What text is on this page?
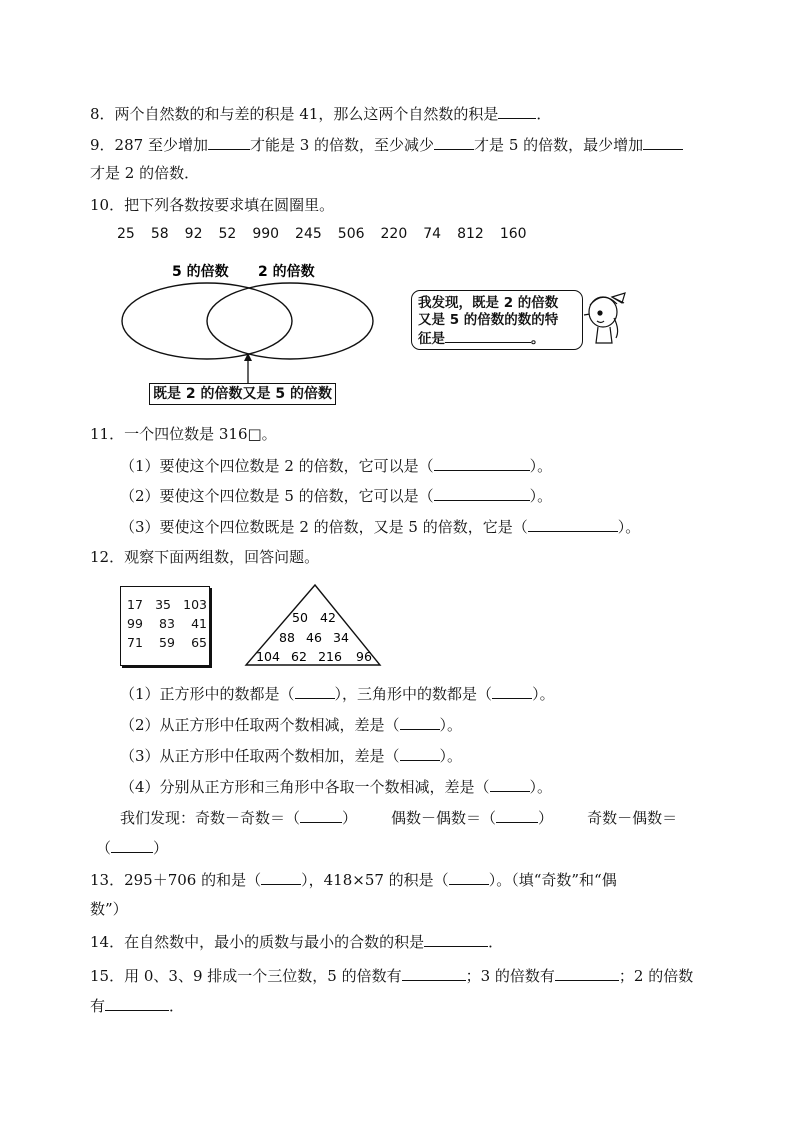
8．两个自然数的和与差的积是 41，那么这两个自然数的积是	．
9．287 至少增加	才能是 3 的倍数，至少减少	才是 5 的倍数，最少增加
才是 2 的倍数．
10．把下列各数按要求填在圆圈里。
25 58 92 52 990 245 506 220 74 812 160
5 的倍数 2 的倍数
既是 2 的倍数又是 5 的倍数
我发现，既是 2 的倍数
又是 5 的倍数的数的特
征是	。
11．一个四位数是 316□。
（1）要使这个四位数是 2 的倍数，它可以是（	）。
（2）要使这个四位数是 5 的倍数，它可以是（	）。
（3）要使这个四位数既是 2 的倍数，又是 5 的倍数，它是（	）。
12．观察下面两组数，回答问题。
17 35 103
99 83 41
71 59 65
50 42
88 46 34
104 62 216 96
（1）正方形中的数都是（	），三角形中的数都是（	）。
（2）从正方形中任取两个数相减，差是（	）。
（3）从正方形中任取两个数相加，差是（	）。
（4）分别从正方形和三角形中各取一个数相减，差是（	）。
我们发现：奇数－奇数＝（	） 偶数－偶数＝（	） 奇数－偶数＝
（	）
13．295＋706 的和是（	），418×57 的积是（	）。（填“奇数”和“偶
数”）
14．在自然数中，最小的质数与最小的合数的积是	．
15．用 0、3、9 排成一个三位数，5 的倍数有	；3 的倍数有	；2 的倍数
有	．
